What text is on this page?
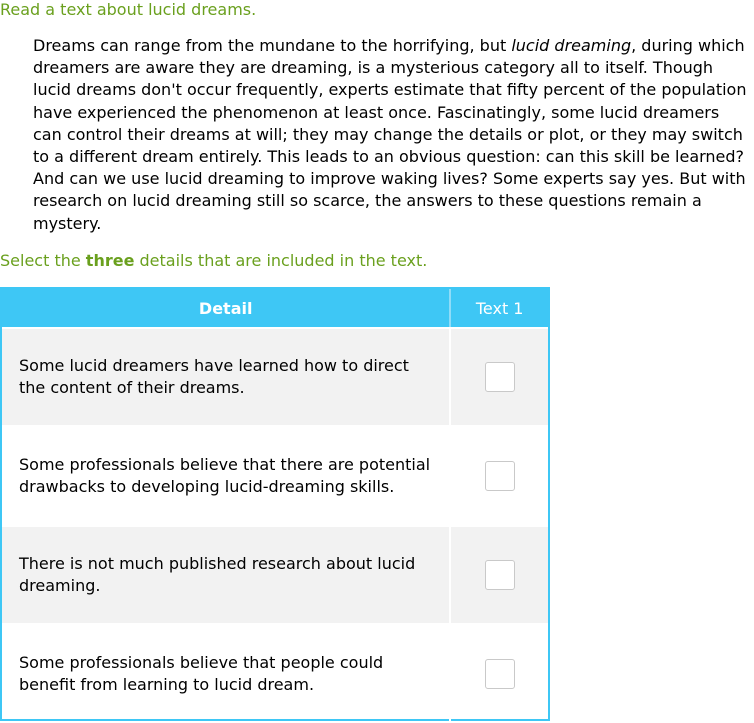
Read a text about lucid dreams.
Dreams can range from the mundane to the horrifying, but lucid dreaming, during which dreamers are aware they are dreaming, is a mysterious category all to itself. Though lucid dreams don't occur frequently, experts estimate that fifty percent of the population have experienced the phenomenon at least once. Fascinatingly, some lucid dreamers can control their dreams at will; they may change the details or plot, or they may switch to a different dream entirely. This leads to an obvious question: can this skill be learned? And can we use lucid dreaming to improve waking lives? Some experts say yes. But with research on lucid dreaming still so scarce, the answers to these questions remain a mystery.
Select the three details that are included in the text.
Detail	Text 1
Some lucid dreamers have learned how to direct the content of their dreams.
Some professionals believe that there are potential drawbacks to developing lucid-dreaming skills.
There is not much published research about lucid dreaming.
Some professionals believe that people could benefit from learning to lucid dream.
